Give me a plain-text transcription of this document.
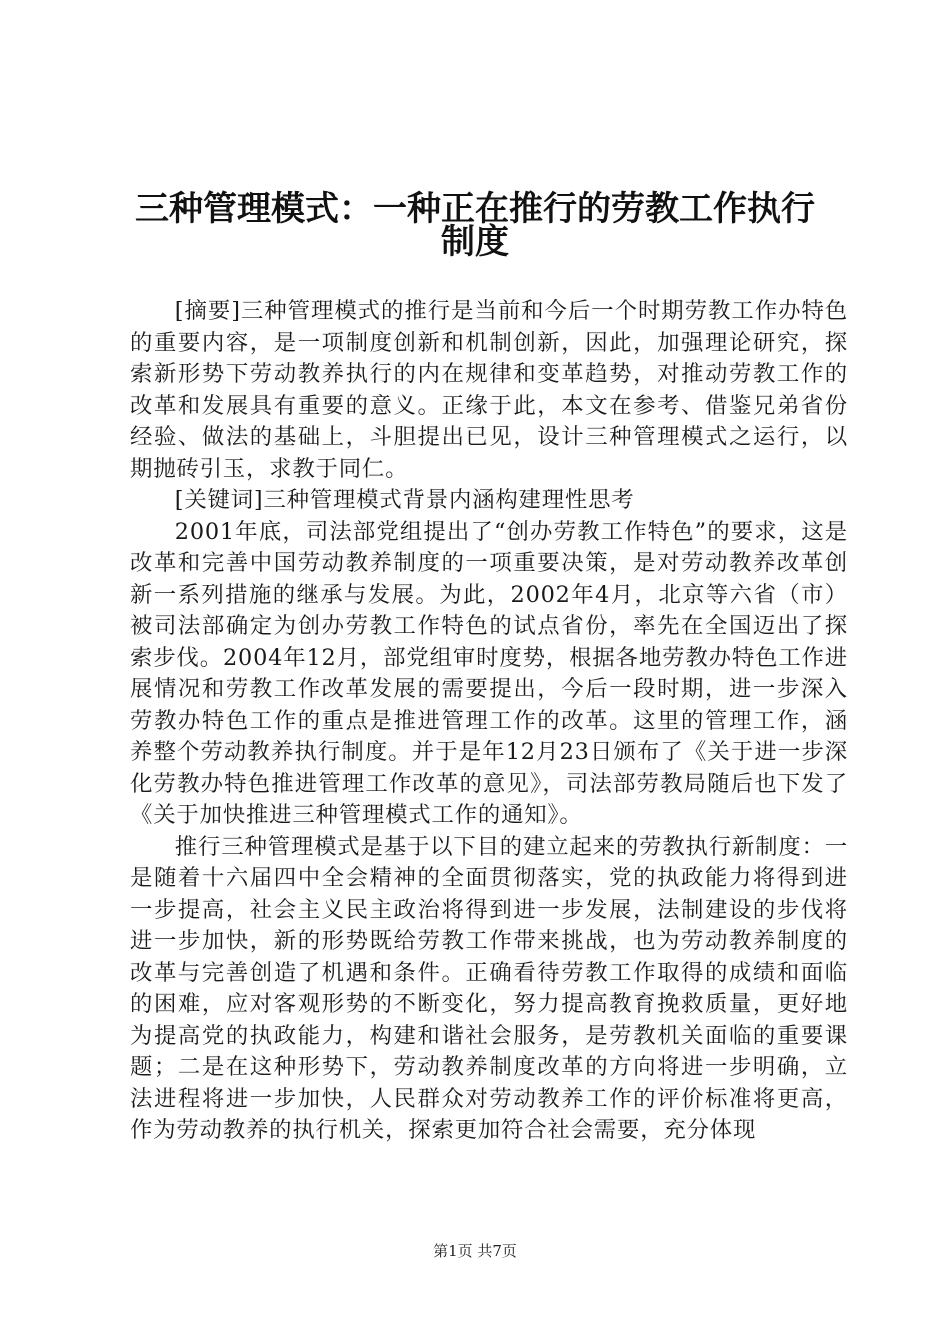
三种管理模式：一种正在推行的劳教工作执行
制度

[摘要]三种管理模式的推行是当前和今后一个时期劳教工作办特色的重要内容，是一项制度创新和机制创新，因此，加强理论研究，探索新形势下劳动教养执行的内在规律和变革趋势，对推动劳教工作的改革和发展具有重要的意义。正缘于此，本文在参考、借鉴兄弟省份经验、做法的基础上，斗胆提出已见，设计三种管理模式之运行，以期抛砖引玉，求教于同仁。

[关键词]三种管理模式背景内涵构建理性思考

2001年底，司法部党组提出了“创办劳教工作特色”的要求，这是改革和完善中国劳动教养制度的一项重要决策，是对劳动教养改革创新一系列措施的继承与发展。为此，2002年4月，北京等六省（市）被司法部确定为创办劳教工作特色的试点省份，率先在全国迈出了探索步伐。2004年12月，部党组审时度势，根据各地劳教办特色工作进展情况和劳教工作改革发展的需要提出，今后一段时期，进一步深入劳教办特色工作的重点是推进管理工作的改革。这里的管理工作，涵养整个劳动教养执行制度。并于是年12月23日颁布了《关于进一步深化劳教办特色推进管理工作改革的意见》，司法部劳教局随后也下发了《关于加快推进三种管理模式工作的通知》。

推行三种管理模式是基于以下目的建立起来的劳教执行新制度：一是随着十六届四中全会精神的全面贯彻落实，党的执政能力将得到进一步提高，社会主义民主政治将得到进一步发展，法制建设的步伐将进一步加快，新的形势既给劳教工作带来挑战，也为劳动教养制度的改革与完善创造了机遇和条件。正确看待劳教工作取得的成绩和面临的困难，应对客观形势的不断变化，努力提高教育挽救质量，更好地为提高党的执政能力，构建和谐社会服务，是劳教机关面临的重要课题；二是在这种形势下，劳动教养制度改革的方向将进一步明确，立法进程将进一步加快，人民群众对劳动教养工作的评价标准将更高，作为劳动教养的执行机关，探索更加符合社会需要，充分体现

第1页 共7页
